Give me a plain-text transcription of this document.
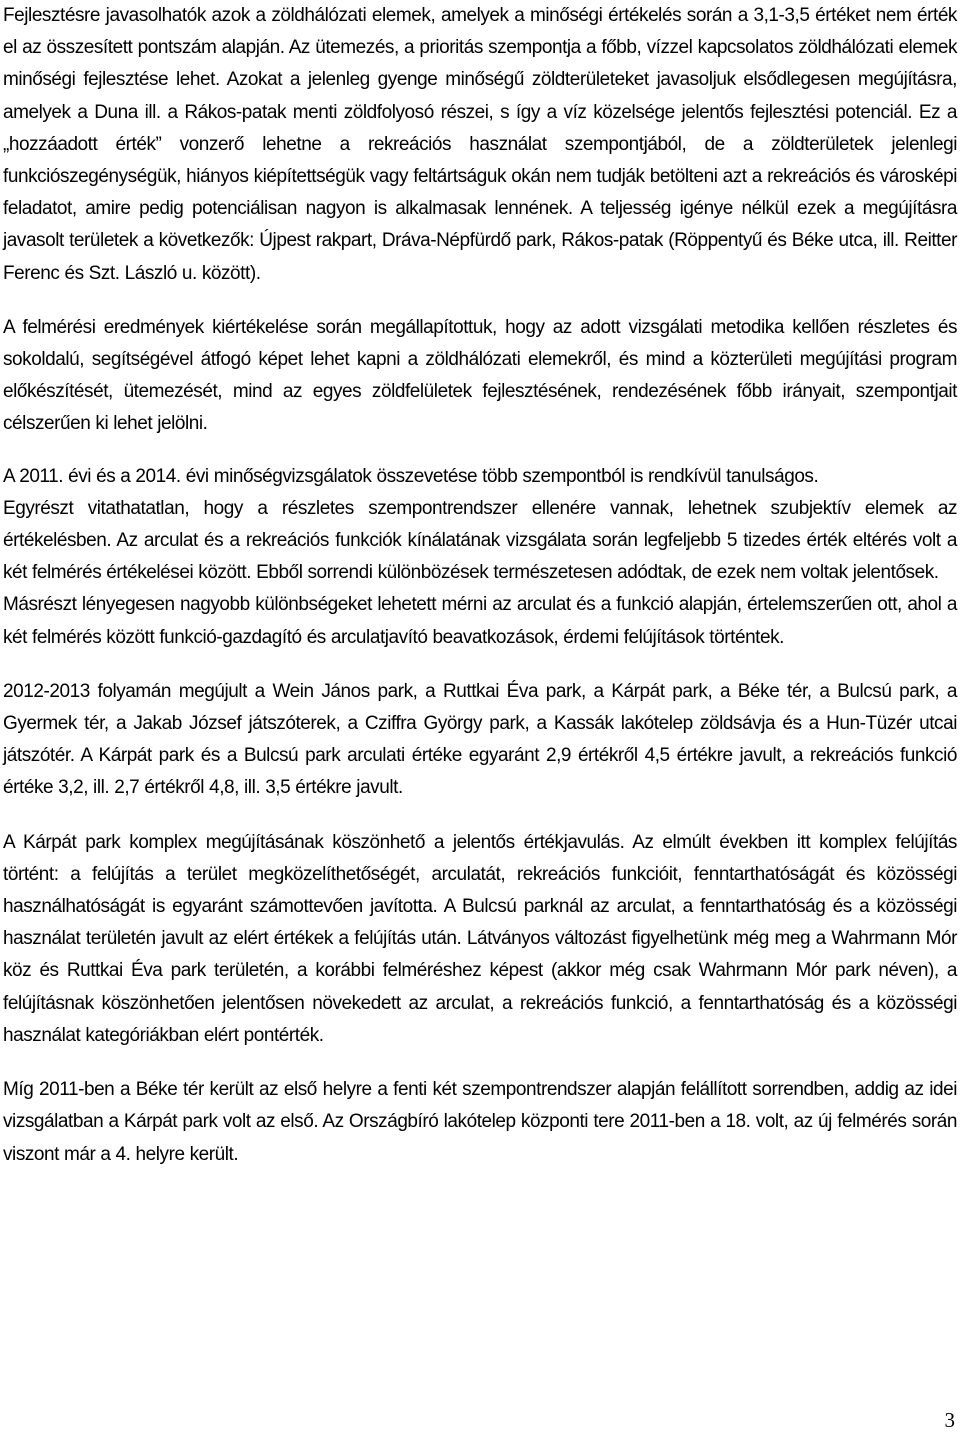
Fejlesztésre javasolhatók azok a zöldhálózati elemek, amelyek a minőségi értékelés során a 3,1-3,5 értéket nem érték el az összesített pontszám alapján. Az ütemezés, a prioritás szempontja a főbb, vízzel kapcsolatos zöldhálózati elemek minőségi fejlesztése lehet. Azokat a jelenleg gyenge minőségű zöldterületeket javasoljuk elsődlegesen megújításra, amelyek a Duna ill. a Rákos-patak menti zöldfolyosó részei, s így a víz közelsége jelentős fejlesztési potenciál. Ez a „hozzáadott érték” vonzerő lehetne a rekreációs használat szempontjából, de a zöldterületek jelenlegi funkciószegénységük, hiányos kiépítettségük vagy feltártságuk okán nem tudják betölteni azt a rekreációs és városképi feladatot, amire pedig potenciálisan nagyon is alkalmasak lennének. A teljesség igénye nélkül ezek a megújításra javasolt területek a következők: Újpest rakpart, Dráva-Népfürdő park, Rákos-patak (Röppentyű és Béke utca, ill. Reitter Ferenc és Szt. László u. között).

A felmérési eredmények kiértékelése során megállapítottuk, hogy az adott vizsgálati metodika kellően részletes és sokoldalú, segítségével átfogó képet lehet kapni a zöldhálózati elemekről, és mind a közterületi megújítási program előkészítését, ütemezését, mind az egyes zöldfelületek fejlesztésének, rendezésének főbb irányait, szempontjait célszerűen ki lehet jelölni.

A 2011. évi és a 2014. évi minőségvizsgálatok összevetése több szempontból is rendkívül tanulságos.

Egyrészt vitathatatlan, hogy a részletes szempontrendszer ellenére vannak, lehetnek szubjektív elemek az értékelésben. Az arculat és a rekreációs funkciók kínálatának vizsgálata során legfeljebb 5 tizedes érték eltérés volt a két felmérés értékelései között. Ebből sorrendi különbözések természetesen adódtak, de ezek nem voltak jelentősek.

Másrészt lényegesen nagyobb különbségeket lehetett mérni az arculat és a funkció alapján, értelemszerűen ott, ahol a két felmérés között funkció-gazdagító és arculatjavító beavatkozások, érdemi felújítások történtek.

2012-2013 folyamán megújult a Wein János park, a Ruttkai Éva park, a Kárpát park, a Béke tér, a Bulcsú park, a Gyermek tér, a Jakab József játszóterek, a Cziffra György park, a Kassák lakótelep zöldsávja és a Hun-Tüzér utcai játszótér. A Kárpát park és a Bulcsú park arculati értéke egyaránt 2,9 értékről 4,5 értékre javult, a rekreációs funkció értéke 3,2, ill. 2,7 értékről 4,8, ill. 3,5 értékre javult.

A Kárpát park komplex megújításának köszönhető a jelentős értékjavulás. Az elmúlt években itt komplex felújítás történt: a felújítás a terület megközelíthetőségét, arculatát, rekreációs funkcióit, fenntarthatóságát és közösségi használhatóságát is egyaránt számottevően javította. A Bulcsú parknál az arculat, a fenntarthatóság és a közösségi használat területén javult az elért értékek a felújítás után. Látványos változást figyelhetünk még meg a Wahrmann Mór köz és Ruttkai Éva park területén, a korábbi felméréshez képest (akkor még csak Wahrmann Mór park néven), a felújításnak köszönhetően jelentősen növekedett az arculat, a rekreációs funkció, a fenntarthatóság és a közösségi használat kategóriákban elért pontérték.

Míg 2011-ben a Béke tér került az első helyre a fenti két szempontrendszer alapján felállított sorrendben, addig az idei vizsgálatban a Kárpát park volt az első. Az Országbíró lakótelep központi tere 2011-ben a 18. volt, az új felmérés során viszont már a 4. helyre került.

3
